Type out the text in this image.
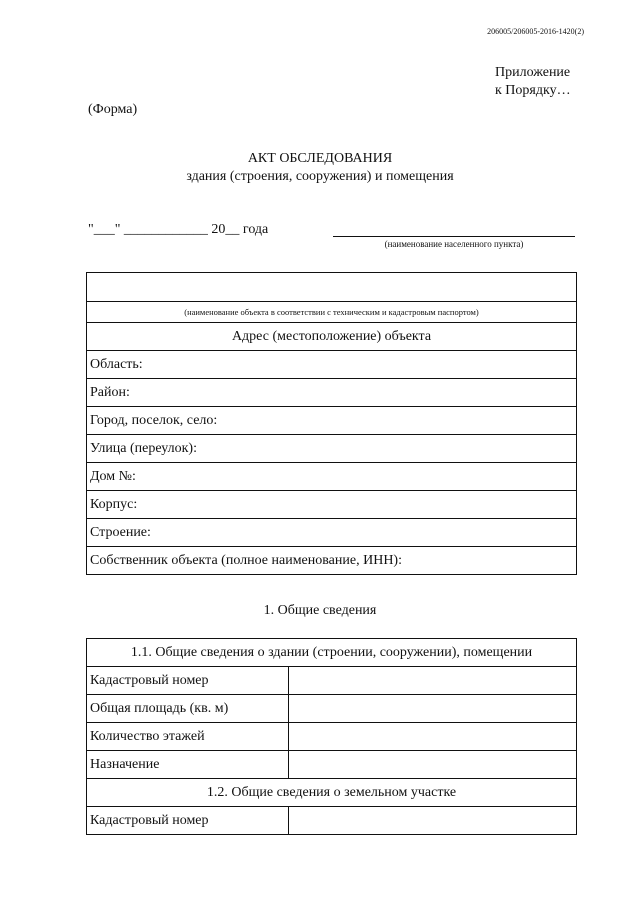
206005/206005-2016-1420(2)
Приложение
к Порядку…
(Форма)
АКТ ОБСЛЕДОВАНИЯ
здания (строения, сооружения) и помещения
"___" ____________ 20__ года
(наименование населенного пункта)

(наименование объекта в соответствии с техническим и кадастровым паспортом)
Адрес (местоположение) объекта
Область:
Район:
Город, поселок, село:
Улица (переулок):
Дом №:
Корпус:
Строение:
Собственник объекта (полное наименование, ИНН):
1. Общие сведения
1.1. Общие сведения о здании (строении, сооружении), помещении	
Кадастровый номер	
Общая площадь (кв. м)	
Количество этажей	
Назначение	
1.2. Общие сведения о земельном участке	
Кадастровый номер	
